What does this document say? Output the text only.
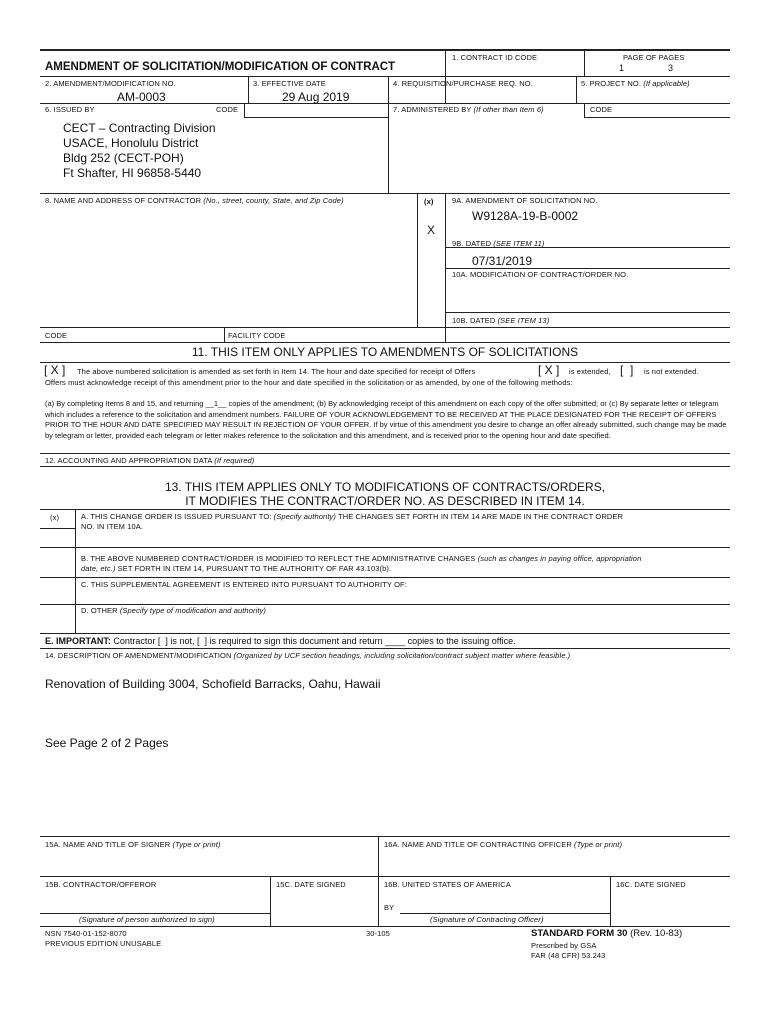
AMENDMENT OF SOLICITATION/MODIFICATION OF CONTRACT
1. CONTRACT ID CODE	PAGE OF PAGES
1	3
2. AMENDMENT/MODIFICATION NO.
AM-0003
3. EFFECTIVE DATE
29 Aug 2019
4. REQUISITION/PURCHASE REQ. NO.	5. PROJECT NO. (If applicable)
6. ISSUED BY	CODE	7. ADMINISTERED BY (If other than Item 6)	CODE
CECT – Contracting Division
USACE, Honolulu District
Bldg 252 (CECT-POH)
Ft Shafter, HI 96858-5440
8. NAME AND ADDRESS OF CONTRACTOR (No., street, county, State, and Zip Code)	(x)
X
9A. AMENDMENT OF SOLICITATION NO.
W9128A-19-B-0002
9B. DATED (SEE ITEM 11)
07/31/2019
10A. MODIFICATION OF CONTRACT/ORDER NO.
10B. DATED (SEE ITEM 13)
CODE	FACILITY CODE
11. THIS ITEM ONLY APPLIES TO AMENDMENTS OF SOLICITATIONS
[ X ] The above numbered solicitation is amended as set forth in Item 14. The hour and date specified for receipt of Offers	[ X ] is extended, [  ] is not extended.
Offers must acknowledge receipt of this amendment prior to the hour and date specified in the solicitation or as amended, by one of the following methods:
(a) By completing Items 8 and 15, and returning __1__ copies of the amendment; (b) By acknowledging receipt of this amendment on each copy of the offer submitted; or (c) By separate letter or telegram which includes a reference to the solicitation and amendment numbers. FAILURE OF YOUR ACKNOWLEDGEMENT TO BE RECEIVED AT THE PLACE DESIGNATED FOR THE RECEIPT OF OFFERS PRIOR TO THE HOUR AND DATE SPECIFIED MAY RESULT IN REJECTION OF YOUR OFFER. If by virtue of this amendment you desire to change an offer already submitted, such change may be made by telegram or letter, provided each telegram or letter makes reference to the solicitation and this amendment, and is received prior to the opening hour and date specified.
12. ACCOUNTING AND APPROPRIATION DATA (If required)
13. THIS ITEM APPLIES ONLY TO MODIFICATIONS OF CONTRACTS/ORDERS,
IT MODIFIES THE CONTRACT/ORDER NO. AS DESCRIBED IN ITEM 14.
(x)	A. THIS CHANGE ORDER IS ISSUED PURSUANT TO: (Specify authority) THE CHANGES SET FORTH IN ITEM 14 ARE MADE IN THE CONTRACT ORDER
NO. IN ITEM 10A.
B. THE ABOVE NUMBERED CONTRACT/ORDER IS MODIFIED TO REFLECT THE ADMINISTRATIVE CHANGES (such as changes in paying office, appropriation
date, etc.) SET FORTH IN ITEM 14, PURSUANT TO THE AUTHORITY OF FAR 43.103(b).
C. THIS SUPPLEMENTAL AGREEMENT IS ENTERED INTO PURSUANT TO AUTHORITY OF:
D. OTHER (Specify type of modification and authority)
E. IMPORTANT: Contractor [  ] is not, [  ] is required to sign this document and return ____ copies to the issuing office.
14. DESCRIPTION OF AMENDMENT/MODIFICATION (Organized by UCF section headings, including solicitation/contract subject matter where feasible.)
Renovation of Building 3004, Schofield Barracks, Oahu, Hawaii
See Page 2 of 2 Pages
15A. NAME AND TITLE OF SIGNER (Type or print)	16A. NAME AND TITLE OF CONTRACTING OFFICER (Type or print)
15B. CONTRACTOR/OFFEROR	15C. DATE SIGNED	16B. UNITED STATES OF AMERICA	16C. DATE SIGNED
BY
(Signature of person authorized to sign)	(Signature of Contracting Officer)
NSN 7540-01-152-8070
PREVIOUS EDITION UNUSABLE
30-105	STANDARD FORM 30 (Rev. 10-83)
Prescribed by GSA
FAR (48 CFR) 53.243
